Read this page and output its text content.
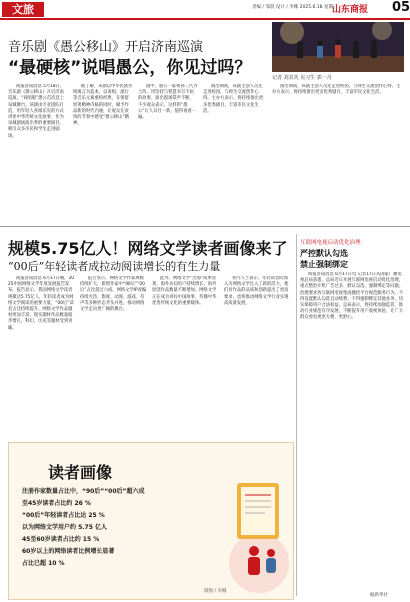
文旅	责编 / 邹晨 设计 / 李娜 2025.6.18 星期三
山东商报 05
音乐剧《愚公移山》开启济南巡演
“最硬核”说唱愚公，你见过吗？

商报济南消息 5月18日，音乐剧《愚公移山》开启济南巡演，“说唱版”愚公首次登上泉城舞台。该剧由专业团队打造，用年轻人喜闻乐见的方式讲述中华传统文化故事，作为泉城剧场演出季的重要剧目，吸引众多市民和学生走进剧场。

据了解，该剧以中华民族传统寓言为蓝本，以说唱、流行等音乐元素重构经典，在保留原著精神内核的同时，赋予作品新的时代内涵，让观众在欢快的节奏中感受“愚公移山”精神。

剧中，愚公一家祖孙三代齐上阵，用坚持与智慧书写不屈的故事。演出现场掌声不断，不少观众表示，这样的“愚公”让人耳目一新，值得再看一遍。

演出期间，该剧主创人员还走进校园，与师生交流创作心得。主办方表示，将持续推出更多优秀剧目，丰富市民文化生活。

记者 刘其英 见习生 郭一丹

演出期间，该剧主创人员还走进校园，与师生交流创作心得。主办方表示，将持续推出更多优秀剧目，丰富市民文化生活。

规模5.75亿人！网络文学读者画像来了
“00后”年轻读者成拉动阅读增长的有生力量

商报济南消息 6月17日晚，2025中国网络文学年度发展报告发布，报告显示，我国网络文学读者规模达5.75亿人，年轻读者成为网络文学阅读的重要力量，“00后”读者占比持续提升。网络文学作品题材更加丰富，现实题材作品数量稳步增长，科幻、历史等题材受到青睐。

报告显示，网络文学作家规模持续扩大，新增作家中“90后”“00后”占比超过六成。网络文学IP改编持续火热，影视、动漫、游戏、有声等多种形态齐头并进，推动网络文学走向更广阔的舞台。

此外，网络文学“出海”成果显著，海外访问用户持续增长，海外原创作品数量不断增加。网络文学正在成为讲好中国故事、传播中华优秀传统文化的重要载体。

业内人士表示，年轻读者的加入为网络文学注入了新的活力，他们对作品的品质和创新提出了更高要求，也将推动网络文学行业实现高质量发展。

互联网电视启动优化治理：
严控默认勾选
禁止强制绑定

商报济南消息 6月17日电 记者17日从国家广播电视总局获悉，总局近日开展互联网电视启动优化治理，重点整治开机广告过多、默认勾选、强制绑定等问题。治理要求各互联网电视集成播控平台规范服务行为，不得设置默认勾选自动续费，不得强制绑定其他业务，切实保障用户合法权益。总局表示，将持续加强监管，推动行业规范有序发展，不断提升用户收视体验，让广大群众看电视更方便、更舒心。

据新华社
读者画像
注册作家数量占比中，“90后”“00后”超六成
至45岁读者占比约 26 %
“00后”年轻读者占比达 25 %
以为网络文学用户约 5.75 亿人
45至60岁读者占比约 15 %
60岁以上的网络读者比例增长显著
占比已超 10 %
制图 / 李娜
